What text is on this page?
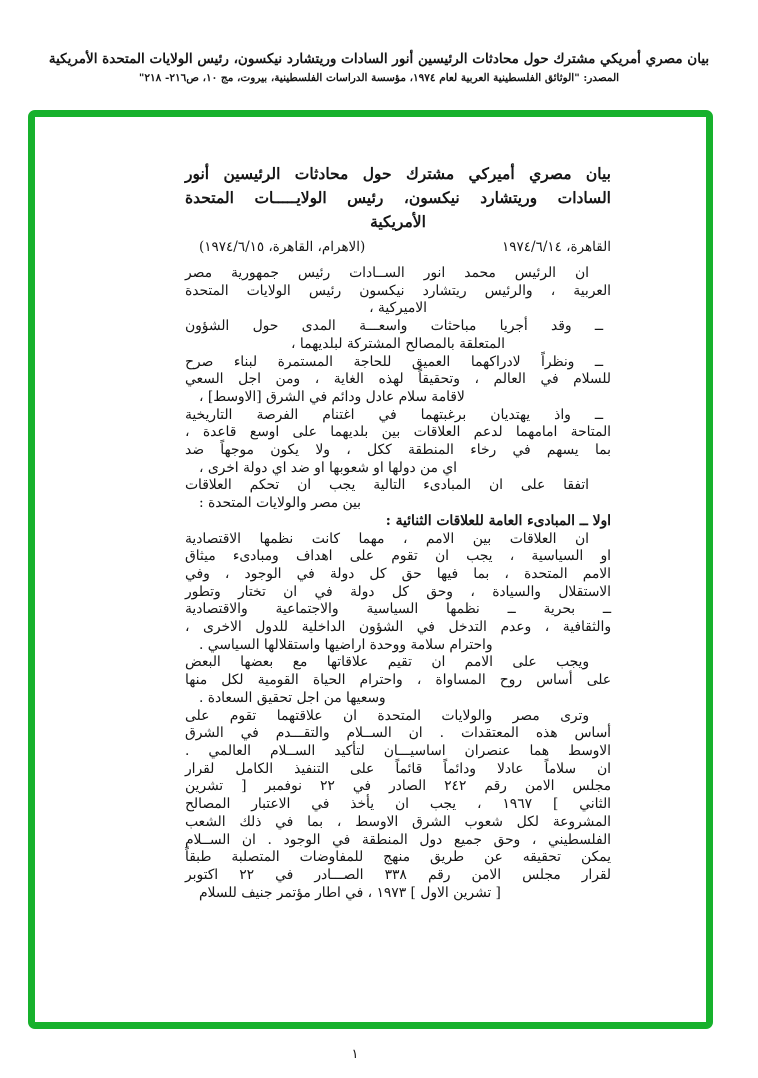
بيان مصري أمريكي مشترك حول محادثات الرئيسين أنور السادات وريتشارد نيكسون، رئيس الولايات المتحدة الأمريكية
المصدر: "الوثائق الفلسطينية العربية لعام ١٩٧٤، مؤسسة الدراسات الفلسطينية، بيروت، مج ١٠، ص٢١٦- ٢١٨"
بيان مصري أميركي مشترك حول محادثات الرئيسين أنور
السادات وريتشارد نيكسون، رئيس الولايـــــات المتحدة
الأمريكية
القاهرة، ١٩٧٤/٦/١٤
(الاهرام، القاهرة، ١٩٧٤/٦/١٥)
ان الرئيس محمد انور الســادات رئيس جمهورية مصر
العربية ، والرئيس ريتشارد نيكسون رئيس الولايات المتحدة
الاميركية ،
ــ وقد أجريا مباحثات واسعـــة المدى حول الشؤون
المتعلقة بالمصالح المشتركة لبلديهما ،
ــ ونظراً لادراكهما العميق للحاجة المستمرة لبناء صرح
للسلام في العالم ، وتحقيقاً لهذه الغاية ، ومن اجل السعي
لاقامة سلام عادل ودائم في الشرق [الاوسط] ،
ــ واذ يهتديان برغبتهما في اغتنام الفرصة التاريخية
المتاحة امامهما لدعم العلاقات بين بلديهما على اوسع قاعدة ،
بما يسهم في رخاء المنطقة ككل ، ولا يكون موجهاً ضد
اي من دولها او شعوبها او ضد اي دولة اخرى ،
اتفقا على ان المبادىء التالية يجب ان تحكم العلاقات
بين مصر والولايات المتحدة :
اولا ــ المبادىء العامة للعلاقات الثنائية :
ان العلاقات بين الامم ، مهما كانت نظمها الاقتصادية
او السياسية ، يجب ان تقوم على اهداف ومبادىء ميثاق
الامم المتحدة ، بما فيها حق كل دولة في الوجود ، وفي
الاستقلال والسيادة ، وحق كل دولة في ان تختار وتطور
ــ بحرية ــ نظمها السياسية والاجتماعية والاقتصادية
والثقافية ، وعدم التدخل في الشؤون الداخلية للدول الاخرى ،
واحترام سلامة ووحدة اراضيها واستقلالها السياسي .
ويجب على الامم ان تقيم علاقاتها مع بعضها البعض
على أساس روح المساواة ، واحترام الحياة القومية لكل منها
وسعيها من اجل تحقيق السعادة .
وترى مصر والولايات المتحدة ان علاقتهما تقوم على
أساس هذه المعتقدات . ان الســلام والتقـــدم في الشرق
الاوسط هما عنصران اساسيـــان لتأكيد الســلام العالمي .
ان سلاماً عادلا ودائماً قائماً على التنفيذ الكامل لقرار
مجلس الامن رقم ٢٤٢ الصادر في ٢٢ نوفمبر [ تشرين
الثاني ] ١٩٦٧ ، يجب ان يأخذ في الاعتبار المصالح
المشروعة لكل شعوب الشرق الاوسط ، بما في ذلك الشعب
الفلسطيني ، وحق جميع دول المنطقة في الوجود . ان الســلام
يمكن تحقيقه عن طريق منهج للمفاوضات المتصلبة طبقاً
لقرار مجلس الامن رقم ٣٣٨ الصـــادر في ٢٢ اكتوبر
[ تشرين الاول ] ١٩٧٣ ، في اطار مؤتمر جنيف للسلام
١
